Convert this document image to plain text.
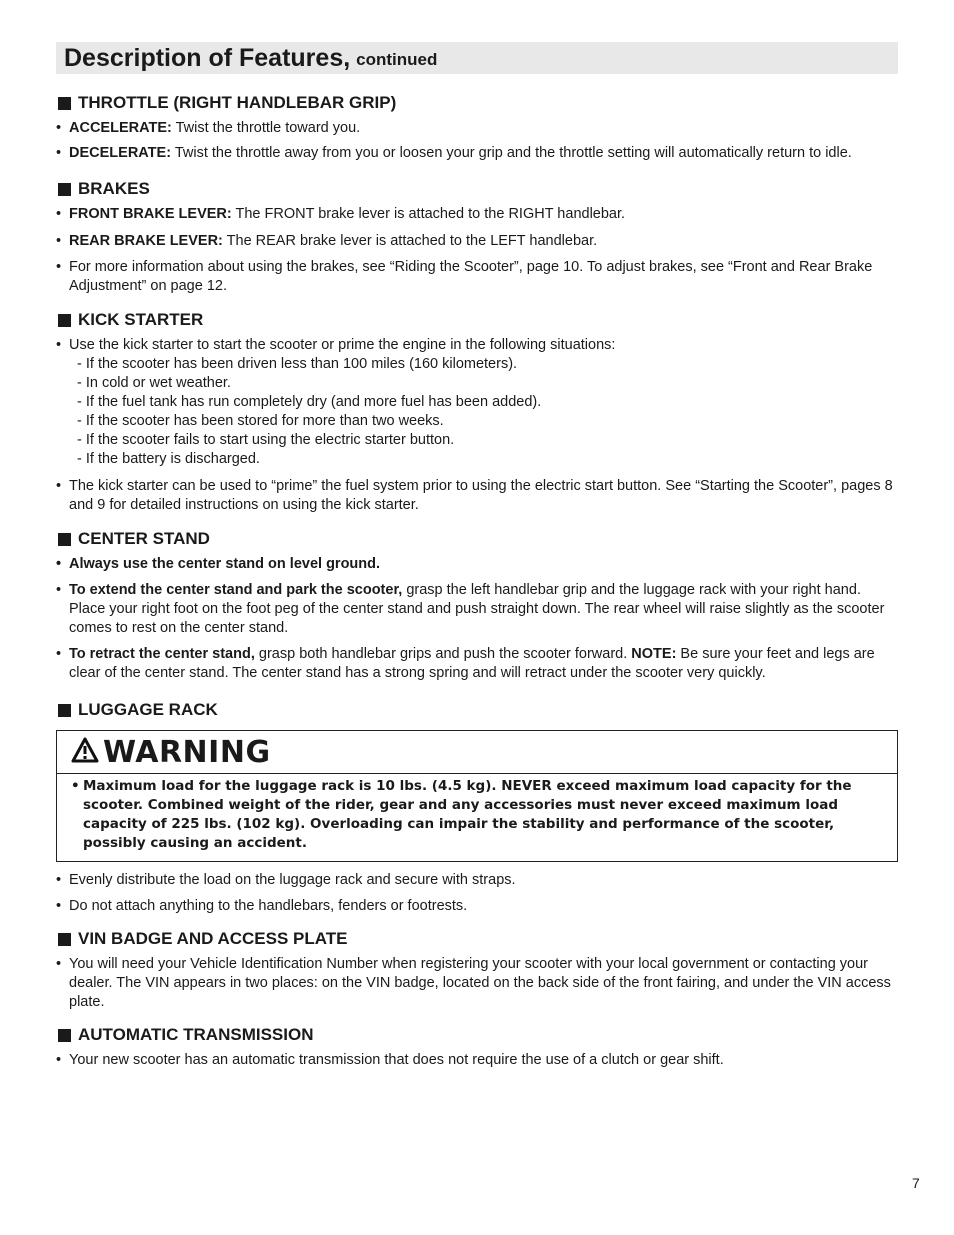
Description of Features, continued
THROTTLE (RIGHT HANDLEBAR GRIP)
• ACCELERATE: Twist the throttle toward you.
• DECELERATE: Twist the throttle away from you or loosen your grip and the throttle setting will automatically return to idle.
BRAKES
• FRONT BRAKE LEVER: The FRONT brake lever is attached to the RIGHT handlebar.
• REAR BRAKE LEVER: The REAR brake lever is attached to the LEFT handlebar.
• For more information about using the brakes, see “Riding the Scooter”, page 10. To adjust brakes, see “Front and Rear Brake Adjustment” on page 12.
KICK STARTER
• Use the kick starter to start the scooter or prime the engine in the following situations:
- If the scooter has been driven less than 100 miles (160 kilometers).
- In cold or wet weather.
- If the fuel tank has run completely dry (and more fuel has been added).
- If the scooter has been stored for more than two weeks.
- If the scooter fails to start using the electric starter button.
- If the battery is discharged.
• The kick starter can be used to “prime” the fuel system prior to using the electric start button. See “Starting the Scooter”, pages 8 and 9 for detailed instructions on using the kick starter.
CENTER STAND
• Always use the center stand on level ground.
• To extend the center stand and park the scooter, grasp the left handlebar grip and the luggage rack with your right hand. Place your right foot on the foot peg of the center stand and push straight down. The rear wheel will raise slightly as the scooter comes to rest on the center stand.
• To retract the center stand, grasp both handlebar grips and push the scooter forward. NOTE: Be sure your feet and legs are clear of the center stand. The center stand has a strong spring and will retract under the scooter very quickly.
LUGGAGE RACK
WARNING
• Maximum load for the luggage rack is 10 lbs. (4.5 kg). NEVER exceed maximum load capacity for the scooter. Combined weight of the rider, gear and any accessories must never exceed maximum load capacity of 225 lbs. (102 kg). Overloading can impair the stability and performance of the scooter, possibly causing an accident.
• Evenly distribute the load on the luggage rack and secure with straps.
• Do not attach anything to the handlebars, fenders or footrests.
VIN BADGE AND ACCESS PLATE
• You will need your Vehicle Identification Number when registering your scooter with your local government or contacting your dealer. The VIN appears in two places: on the VIN badge, located on the back side of the front fairing, and under the VIN access plate.
AUTOMATIC TRANSMISSION
• Your new scooter has an automatic transmission that does not require the use of a clutch or gear shift.
7
